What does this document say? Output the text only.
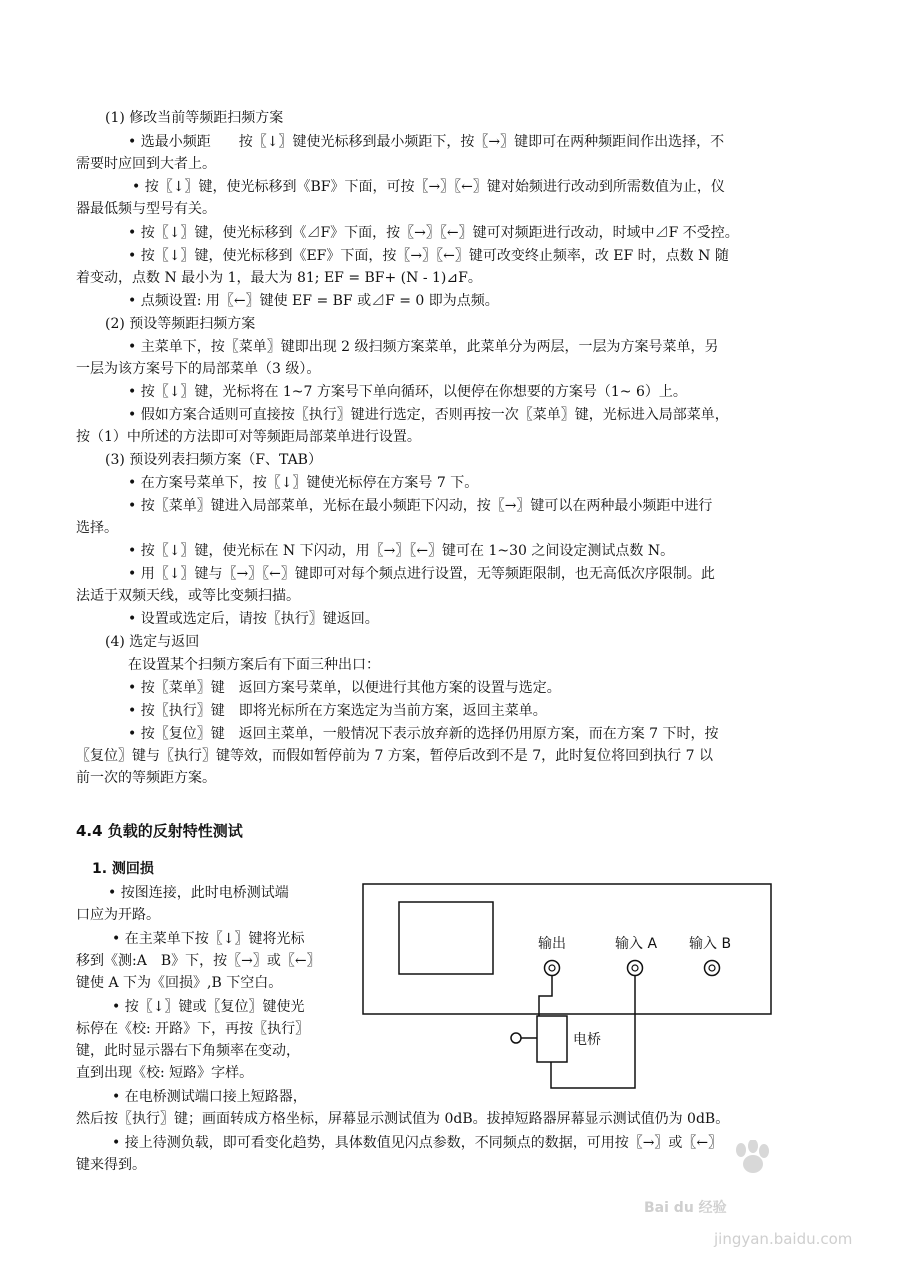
(1) 修改当前等频距扫频方案

• 选最小频距　　按〖↓〗键使光标移到最小频距下，按〖→〗键即可在两种频距间作出选择，不

需要时应回到大者上。

• 按〖↓〗键，使光标移到《BF》下面，可按〖→〗〖←〗键对始频进行改动到所需数值为止，仪

器最低频与型号有关。

• 按〖↓〗键，使光标移到《⊿F》下面，按〖→〗〖←〗键可对频距进行改动，时域中⊿F 不受控。

• 按〖↓〗键，使光标移到《EF》下面，按〖→〗〖←〗键可改变终止频率，改 EF 时，点数 N 随

着变动，点数 N 最小为 1，最大为 81; EF = BF+ (N - 1)⊿F。

• 点频设置: 用〖←〗键使 EF = BF 或⊿F = 0 即为点频。

(2) 预设等频距扫频方案

• 主菜单下，按〖菜单〗键即出现 2 级扫频方案菜单，此菜单分为两层，一层为方案号菜单，另

一层为该方案号下的局部菜单（3 级）。

• 按〖↓〗键，光标将在 1~7 方案号下单向循环，以便停在你想要的方案号（1~ 6）上。

• 假如方案合适则可直接按〖执行〗键进行选定，否则再按一次〖菜单〗键，光标进入局部菜单，

按（1）中所述的方法即可对等频距局部菜单进行设置。

(3) 预设列表扫频方案（F、TAB）

• 在方案号菜单下，按〖↓〗键使光标停在方案号 7 下。

• 按〖菜单〗键进入局部菜单，光标在最小频距下闪动，按〖→〗键可以在两种最小频距中进行

选择。

• 按〖↓〗键，使光标在 N 下闪动，用〖→〗〖←〗键可在 1~30 之间设定测试点数 N。

• 用〖↓〗键与〖→〗〖←〗键即可对每个频点进行设置，无等频距限制，也无高低次序限制。此

法适于双频天线，或等比变频扫描。

• 设置或选定后，请按〖执行〗键返回。

(4) 选定与返回

在设置某个扫频方案后有下面三种出口：

• 按〖菜单〗键　返回方案号菜单，以便进行其他方案的设置与选定。

• 按〖执行〗键　即将光标所在方案选定为当前方案，返回主菜单。

• 按〖复位〗键　返回主菜单，一般情况下表示放弃新的选择仍用原方案，而在方案 7 下时，按

〖复位〗键与〖执行〗键等效，而假如暂停前为 7 方案，暂停后改到不是 7，此时复位将回到执行 7 以

前一次的等频距方案。

4.4 负载的反射特性测试
1. 测回损

• 按图连接，此时电桥测试端

口应为开路。

• 在主菜单下按〖↓〗键将光标

移到《测:A　B》下，按〖→〗或〖←〗

键使 A 下为《回损》,B 下空白。

• 按〖↓〗键或〖复位〗键使光

标停在《校: 开路》下，再按〖执行〗

键，此时显示器右下角频率在变动，

直到出现《校: 短路》字样。

• 在电桥测试端口接上短路器，

然后按〖执行〗键；画面转成方格坐标，屏幕显示测试值为 0dB。拔掉短路器屏幕显示测试值仍为 0dB。

• 接上待测负载，即可看变化趋势，具体数值见闪点参数，不同频点的数据，可用按〖→〗或〖←〗

键来得到。

输出	输入 A 输入 B
电桥
Bai du 经验
jingyan.baidu.com
